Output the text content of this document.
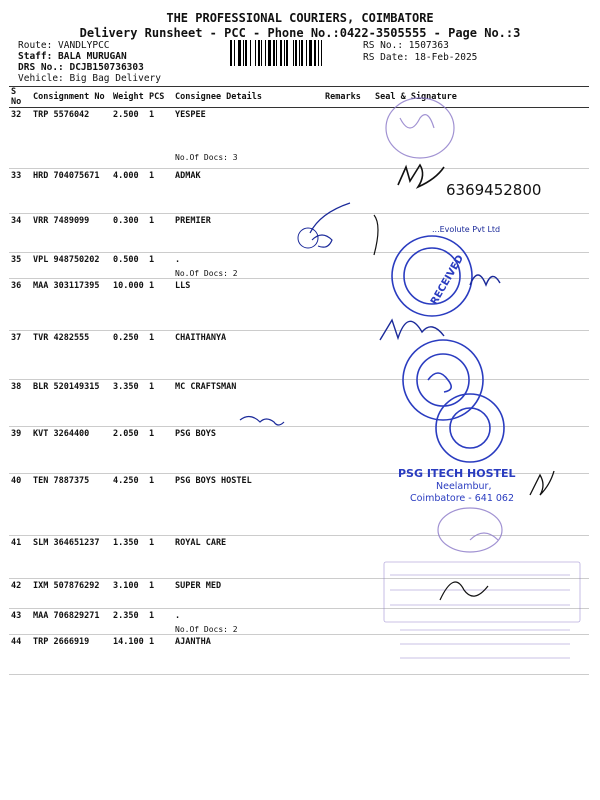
THE PROFESSIONAL COURIERS, COIMBATORE
Delivery Runsheet - PCC - Phone No.:0422-3505555 - Page No.:3
Route: VANDLYPCC
Staff: BALA MURUGAN
DRS No.: DCJB150736303
Vehicle: Big Bag Delivery
RS No.: 1507363
RS Date: 18-Feb-2025
S No	Consignment No	Weight	PCS	Consignee Details	Remarks	Seal & Signature
32	TRP 5576042	2.500	1	YESPEE
No.Of Docs: 3		

33	HRD 704075671	4.000	1	ADMAK		
34	VRR 7489099	0.300	1	PREMIER		
35	VPL 948750202	0.500	1	.
No.Of Docs: 2		

36	MAA 303117395	10.000	1	LLS		
37	TVR 4282555	0.250	1	CHAITHANYA		
38	BLR 520149315	3.350	1	MC CRAFTSMAN		
39	KVT 3264400	2.050	1	PSG BOYS		
40	TEN 7887375	4.250	1	PSG BOYS HOSTEL		
41	SLM 364651237	1.350	1	ROYAL CARE		
42	IXM 507876292	3.100	1	SUPER MED		
43	MAA 706829271	2.350	1	.
No.Of Docs: 2		

44	TRP 2666919	14.100	1	AJANTHA		
6369452800
...Evolute Pvt Ltd
RECEIVED
PSG ITECH HOSTEL
Neelambur,
Coimbatore - 641 062
